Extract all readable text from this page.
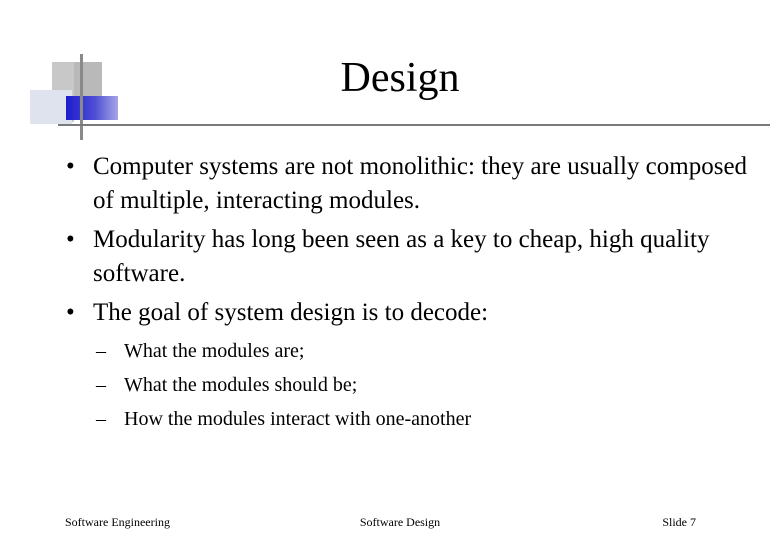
Design
• Computer systems are not monolithic: they are usually composed of multiple, interacting modules.
• Modularity has long been seen as a key to cheap, high quality software.
• The goal of system design is to decode:
– What the modules are;
– What the modules should be;
– How the modules interact with one-another
Software Engineering	Software Design	Slide 7
